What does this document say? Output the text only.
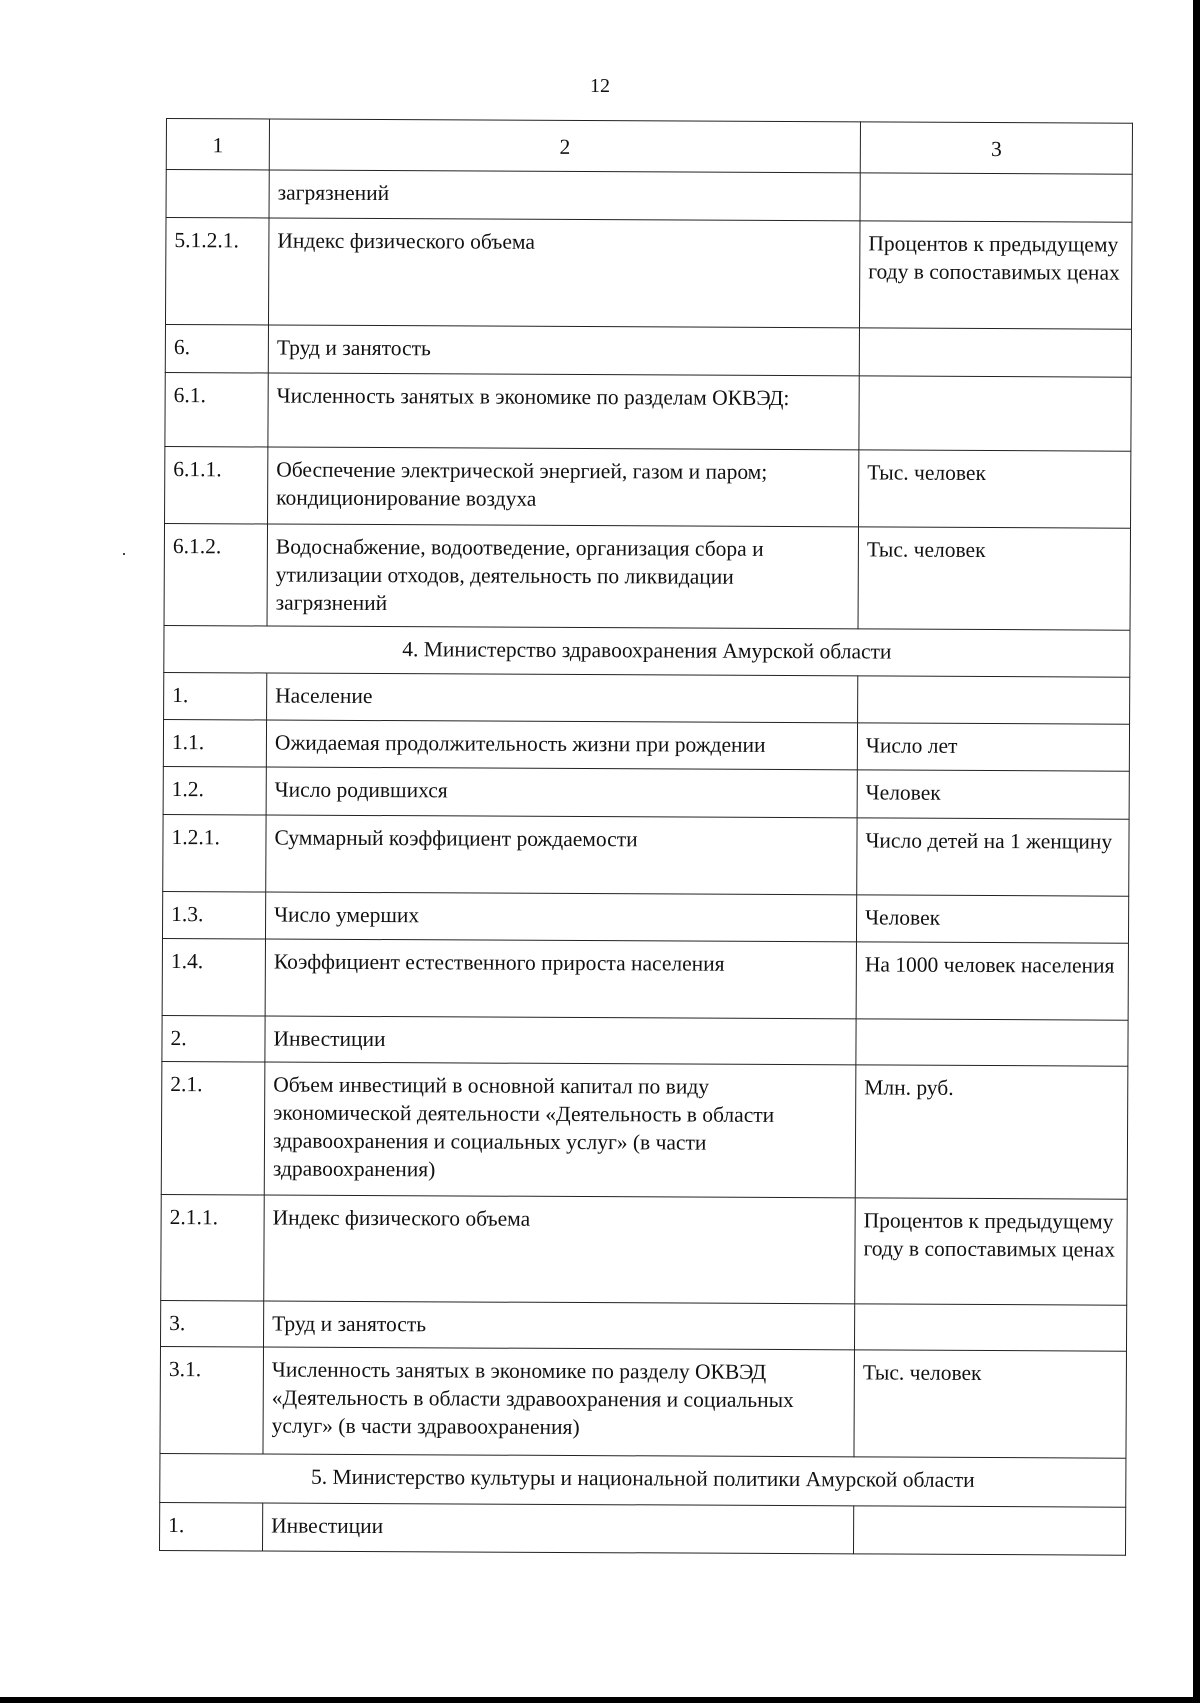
12
1	2	3
	загрязнений	
5.1.2.1.	Индекс физического объема	Процентов к предыдущему году в сопоставимых ценах
6.	Труд и занятость	
6.1.	Численность занятых в экономике по разделам ОКВЭД:	
6.1.1.	Обеспечение электрической энергией, газом и паром; кондиционирование воздуха	Тыс. человек
6.1.2.	Водоснабжение, водоотведение, организация сбора и утилизации отходов, деятельность по ликвидации загрязнений	Тыс. человек
4. Министерство здравоохранения Амурской области		
1.	Население	
1.1.	Ожидаемая продолжительность жизни при рождении	Число лет
1.2.	Число родившихся	Человек
1.2.1.	Суммарный коэффициент рождаемости	Число детей на 1 женщину
1.3.	Число умерших	Человек
1.4.	Коэффициент естественного прироста населения	На 1000 человек населения
2.	Инвестиции	
2.1.	Объем инвестиций в основной капитал по виду экономической деятельности «Деятельность в области здравоохранения и социальных услуг» (в части здравоохранения)	Млн. руб.
2.1.1.	Индекс физического объема	Процентов к предыдущему году в сопоставимых ценах
3.	Труд и занятость	
3.1.	Численность занятых в экономике по разделу ОКВЭД «Деятельность в области здравоохранения и социальных услуг» (в части здравоохранения)	Тыс. человек
5. Министерство культуры и национальной политики Амурской области		
1.	Инвестиции	
